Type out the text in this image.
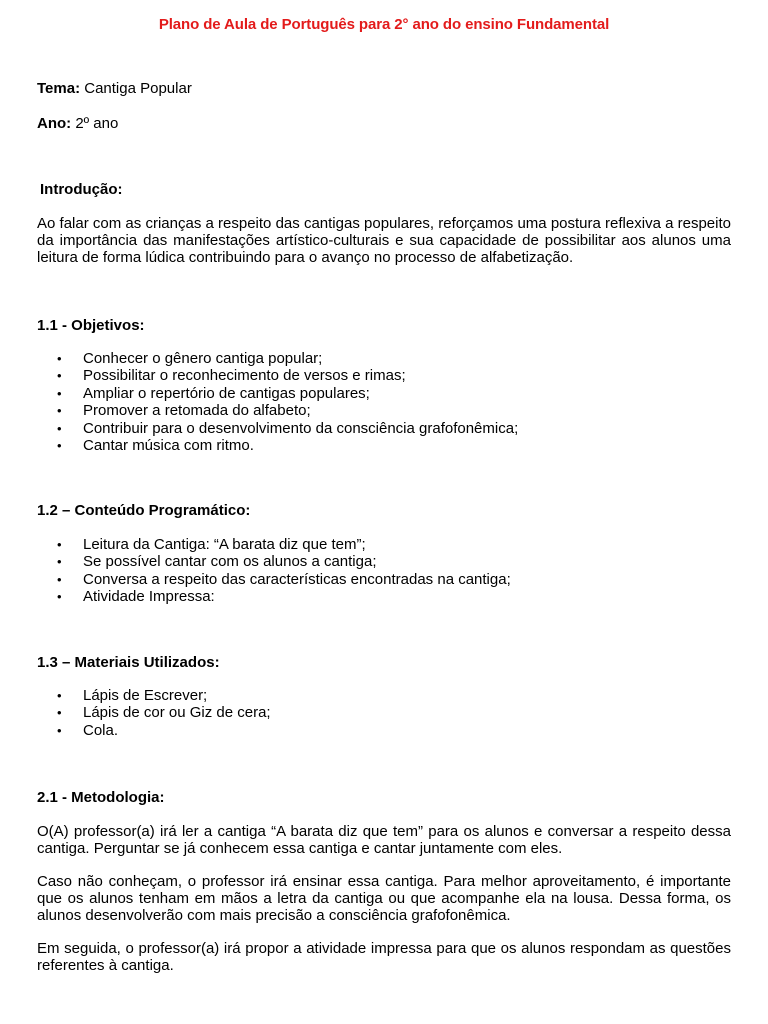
Plano de Aula de Português para 2° ano do ensino Fundamental
Tema: Cantiga Popular
Ano: 2º ano
Introdução:
Ao falar com as crianças a respeito das cantigas populares, reforçamos uma postura reflexiva a respeito da importância das manifestações artístico-culturais e sua capacidade de possibilitar aos alunos uma leitura de forma lúdica contribuindo para o avanço no processo de alfabetização.
1.1 - Objetivos:
• Conhecer o gênero cantiga popular;
• Possibilitar o reconhecimento de versos e rimas;
• Ampliar o repertório de cantigas populares;
• Promover a retomada do alfabeto;
• Contribuir para o desenvolvimento da consciência grafofonêmica;
• Cantar música com ritmo.
1.2 – Conteúdo Programático:
• Leitura da Cantiga: “A barata diz que tem”;
• Se possível cantar com os alunos a cantiga;
• Conversa a respeito das características encontradas na cantiga;
• Atividade Impressa:
1.3 – Materiais Utilizados:
• Lápis de Escrever;
• Lápis de cor ou Giz de cera;
• Cola.
2.1 - Metodologia:
O(A) professor(a) irá ler a cantiga “A barata diz que tem” para os alunos e conversar a respeito dessa cantiga. Perguntar se já conhecem essa cantiga e cantar juntamente com eles.
Caso não conheçam, o professor irá ensinar essa cantiga. Para melhor aproveitamento, é importante que os alunos tenham em mãos a letra da cantiga ou que acompanhe ela na lousa. Dessa forma, os alunos desenvolverão com mais precisão a consciência grafofonêmica.
Em seguida, o professor(a) irá propor a atividade impressa para que os alunos respondam as questões referentes à cantiga.
